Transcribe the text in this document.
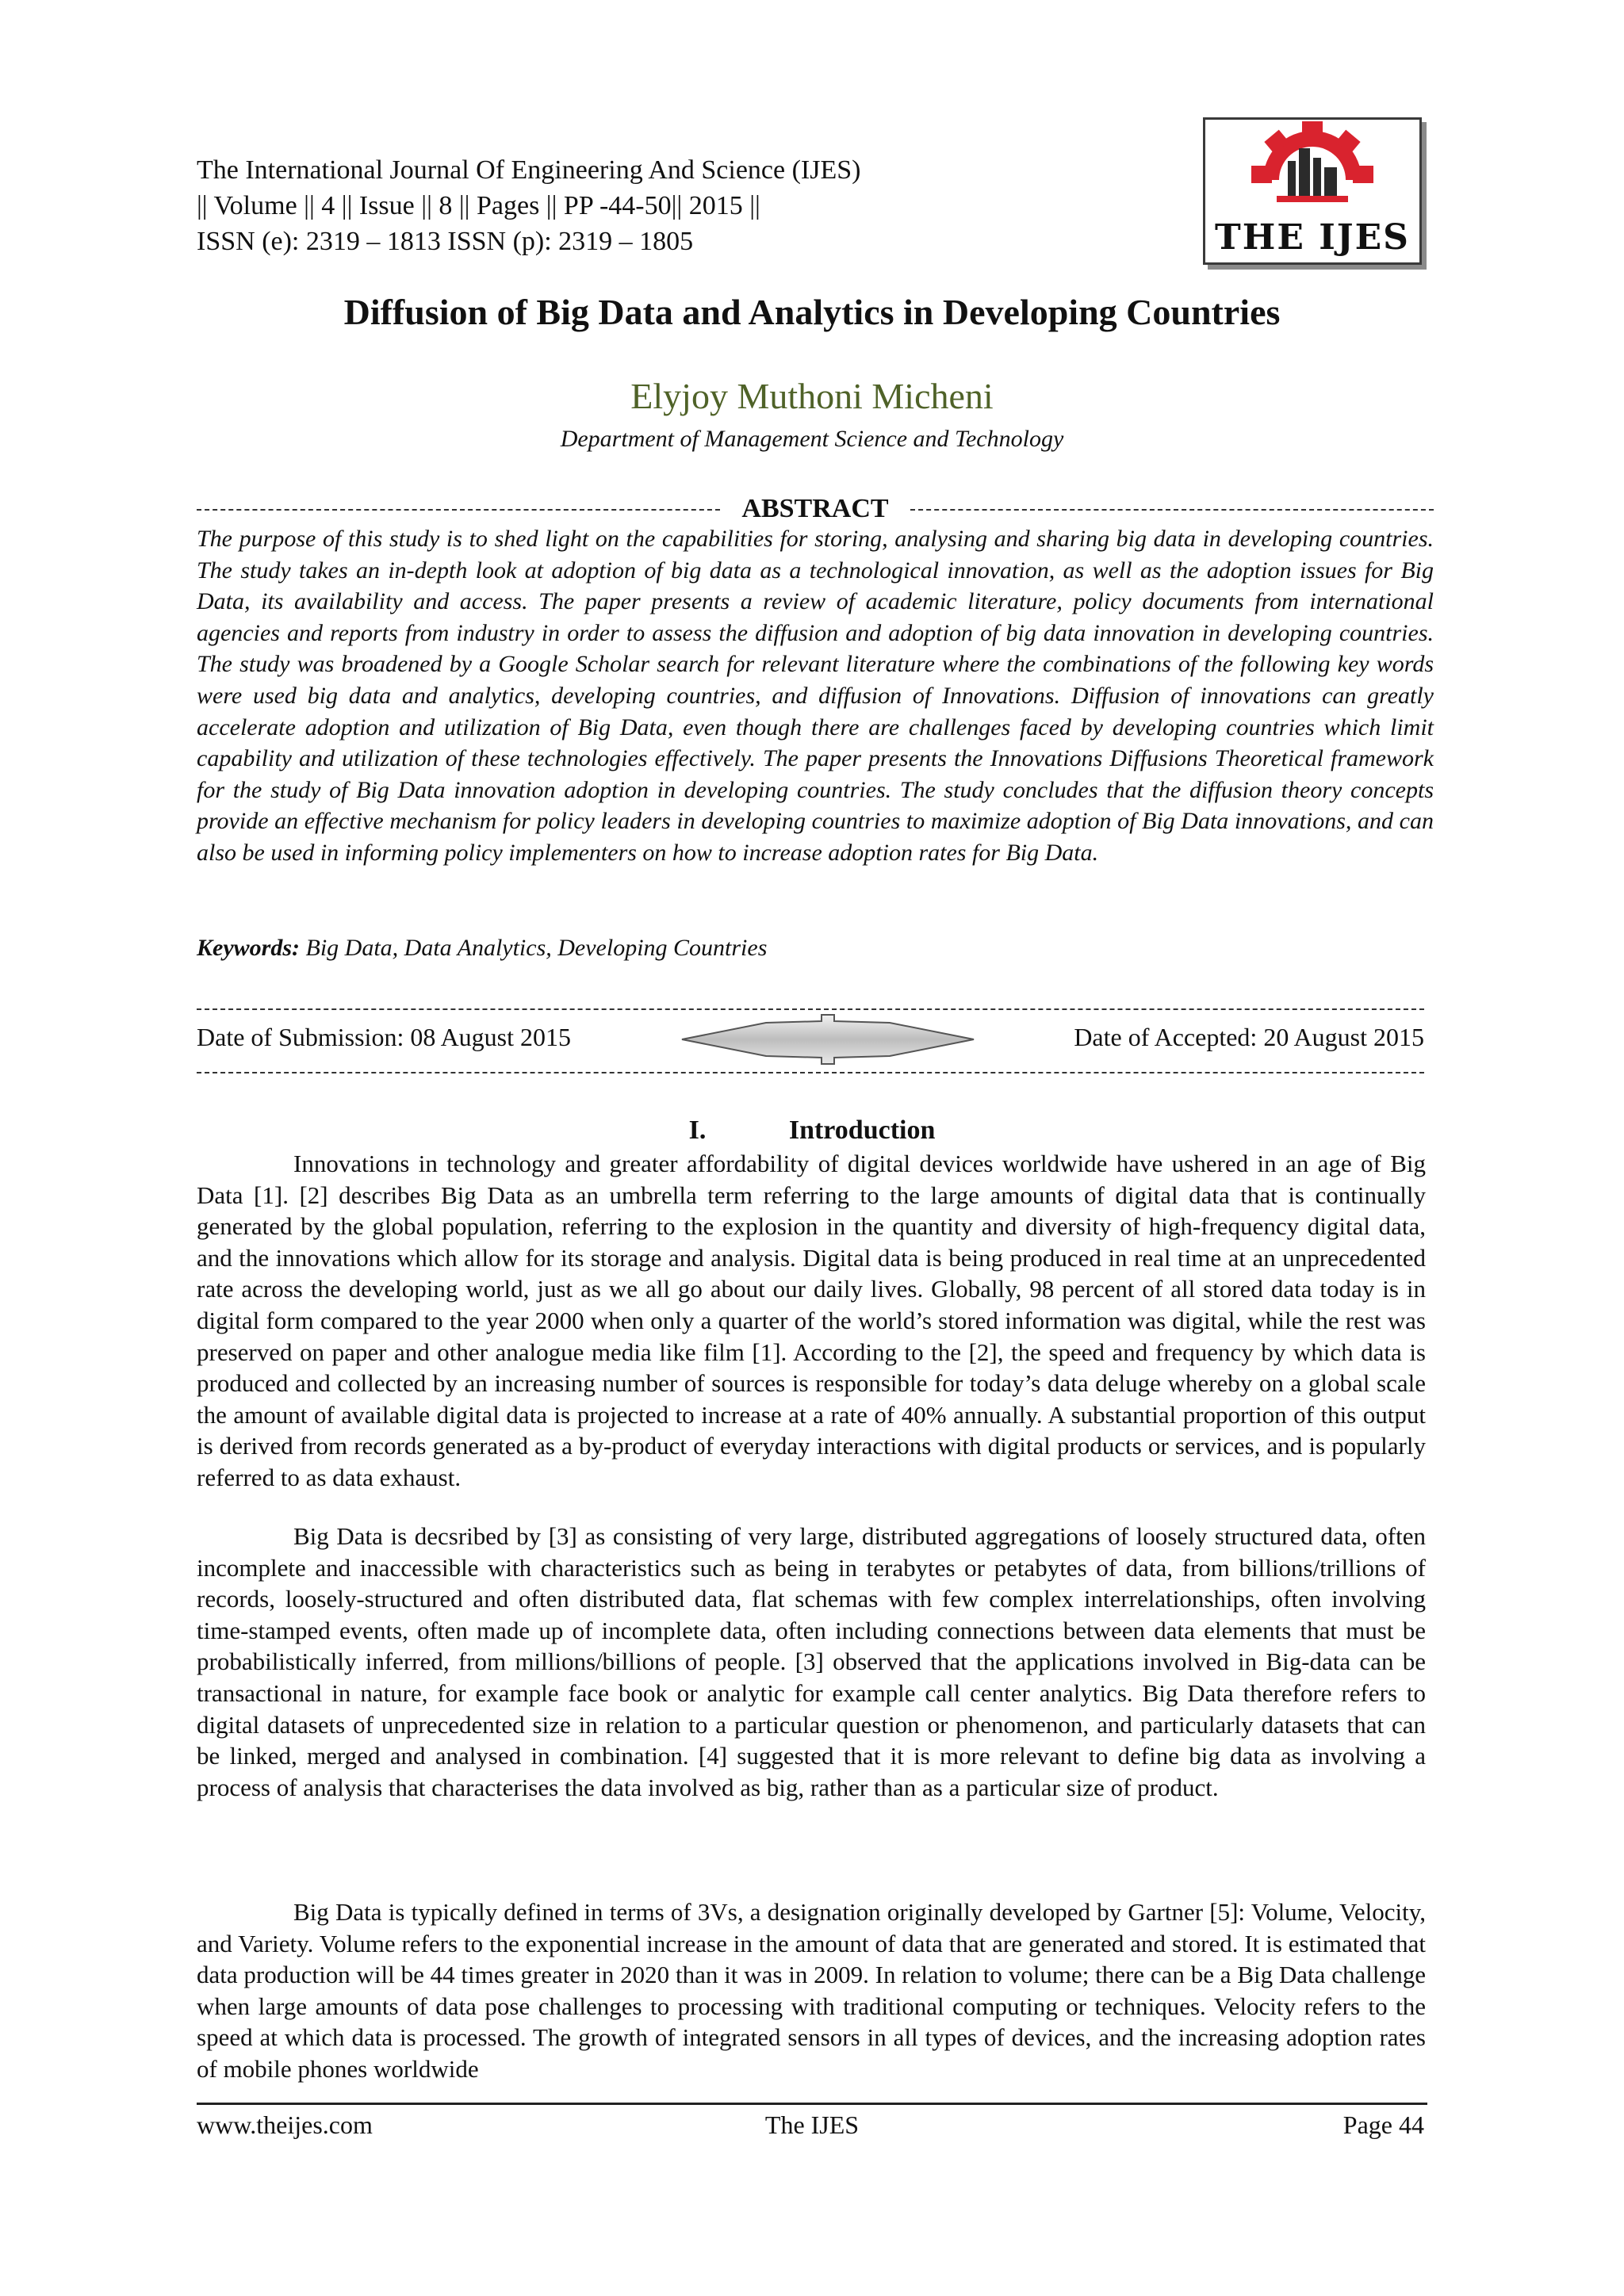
The International Journal Of Engineering And Science (IJES)
|| Volume || 4 || Issue || 8 || Pages || PP -44-50|| 2015 ||
ISSN (e): 2319 – 1813 ISSN (p): 2319 – 1805	THE IJES
Diffusion of Big Data and Analytics in Developing Countries
Elyjoy Muthoni Micheni
Department of Management Science and Technology
ABSTRACT
The purpose of this study is to shed light on the capabilities for storing, analysing and sharing big data in developing countries. The study takes an in-depth look at adoption of big data as a technological innovation, as well as the adoption issues for Big Data, its availability and access. The paper presents a review of academic literature, policy documents from international agencies and reports from industry in order to assess the diffusion and adoption of big data innovation in developing countries. The study was broadened by a Google Scholar search for relevant literature where the combinations of the following key words were used big data and analytics, developing countries, and diffusion of Innovations. Diffusion of innovations can greatly accelerate adoption and utilization of Big Data, even though there are challenges faced by developing countries which limit capability and utilization of these technologies effectively. The paper presents the Innovations Diffusions Theoretical framework for the study of Big Data innovation adoption in developing countries. The study concludes that the diffusion theory concepts provide an effective mechanism for policy leaders in developing countries to maximize adoption of Big Data innovations, and can also be used in informing policy implementers on how to increase adoption rates for Big Data.
Keywords: Big Data, Data Analytics, Developing Countries
Date of Submission: 08 August 2015	Date of Accepted: 20 August 2015
I.	Introduction

Innovations in technology and greater affordability of digital devices worldwide have ushered in an age of Big Data [1]. [2] describes Big Data as an umbrella term referring to the large amounts of digital data that is continually generated by the global population, referring to the explosion in the quantity and diversity of high-frequency digital data, and the innovations which allow for its storage and analysis. Digital data is being produced in real time at an unprecedented rate across the developing world, just as we all go about our daily lives. Globally, 98 percent of all stored data today is in digital form compared to the year 2000 when only a quarter of the world’s stored information was digital, while the rest was preserved on paper and other analogue media like film [1]. According to the [2], the speed and frequency by which data is produced and collected by an increasing number of sources is responsible for today’s data deluge whereby on a global scale the amount of available digital data is projected to increase at a rate of 40% annually. A substantial proportion of this output is derived from records generated as a by-product of everyday interactions with digital products or services, and is popularly referred to as data exhaust.

Big Data is decsribed by [3] as consisting of very large, distributed aggregations of loosely structured data, often incomplete and inaccessible with characteristics such as being in terabytes or petabytes of data, from billions/trillions of records, loosely-structured and often distributed data, flat schemas with few complex interrelationships, often involving time-stamped events, often made up of incomplete data, often including connections between data elements that must be probabilistically inferred, from millions/billions of people. [3] observed that the applications involved in Big-data can be transactional in nature, for example face book or analytic for example call center analytics. Big Data therefore refers to digital datasets of unprecedented size in relation to a particular question or phenomenon, and particularly datasets that can be linked, merged and analysed in combination. [4] suggested that it is more relevant to define big data as involving a process of analysis that characterises the data involved as big, rather than as a particular size of product.

Big Data is typically defined in terms of 3Vs, a designation originally developed by Gartner [5]: Volume, Velocity, and Variety. Volume refers to the exponential increase in the amount of data that are generated and stored. It is estimated that data production will be 44 times greater in 2020 than it was in 2009. In relation to volume; there can be a Big Data challenge when large amounts of data pose challenges to processing with traditional computing or techniques. Velocity refers to the speed at which data is processed. The growth of integrated sensors in all types of devices, and the increasing adoption rates of mobile phones worldwide

www.theijes.com	The IJES	Page 44
